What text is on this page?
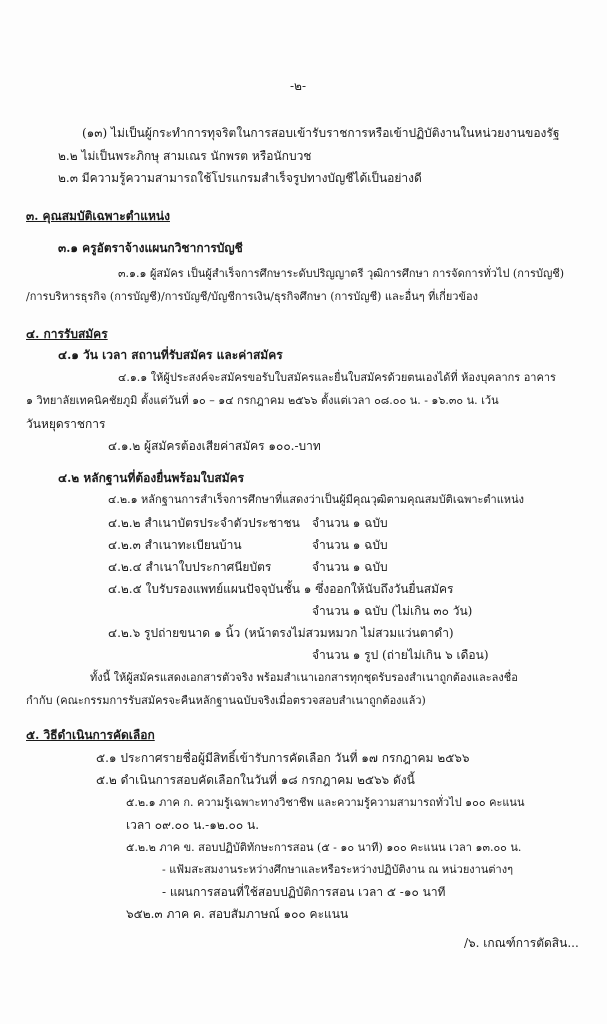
-๒-
(๑๓) ไม่เป็นผู้กระทำการทุจริตในการสอบเข้ารับราชการหรือเข้าปฏิบัติงานในหน่วยงานของรัฐ
๒.๒ ไม่เป็นพระภิกษุ สามเณร นักพรต หรือนักบวช
๒.๓ มีความรู้ความสามารถใช้โปรแกรมสำเร็จรูปทางบัญชีได้เป็นอย่างดี
๓. คุณสมบัติเฉพาะตำแหน่ง
๓.๑ ครูอัตราจ้างแผนกวิชาการบัญชี
๓.๑.๑ ผู้สมัคร เป็นผู้สำเร็จการศึกษาระดับปริญญาตรี วุฒิการศึกษา การจัดการทั่วไป (การบัญชี)
/การบริหารธุรกิจ (การบัญชี)/การบัญชี/บัญชีการเงิน/ธุรกิจศึกษา (การบัญชี) และอื่นๆ ที่เกี่ยวข้อง
๔. การรับสมัคร
๔.๑ วัน เวลา สถานที่รับสมัคร และค่าสมัคร
๔.๑.๑ ให้ผู้ประสงค์จะสมัครขอรับใบสมัครและยื่นใบสมัครด้วยตนเองได้ที่ ห้องบุคลากร อาคาร
๑ วิทยาลัยเทคนิคชัยภูมิ ตั้งแต่วันที่ ๑๐ – ๑๔ กรกฎาคม ๒๕๖๖ ตั้งแต่เวลา ๐๘.๐๐ น. - ๑๖.๓๐ น. เว้น
วันหยุดราชการ
๔.๑.๒ ผู้สมัครต้องเสียค่าสมัคร ๑๐๐.-บาท
๔.๒ หลักฐานที่ต้องยื่นพร้อมใบสมัคร
๔.๒.๑ หลักฐานการสำเร็จการศึกษาที่แสดงว่าเป็นผู้มีคุณวุฒิตามคุณสมบัติเฉพาะตำแหน่ง
๔.๒.๒ สำเนาบัตรประจำตัวประชาชน จำนวน ๑ ฉบับ
๔.๒.๓ สำเนาทะเบียนบ้าน	จำนวน ๑ ฉบับ
๔.๒.๔ สำเนาใบประกาศนียบัตร	จำนวน ๑ ฉบับ
๔.๒.๕ ใบรับรองแพทย์แผนปัจจุบันชั้น ๑ ซึ่งออกให้นับถึงวันยื่นสมัคร
จำนวน ๑ ฉบับ (ไม่เกิน ๓๐ วัน)
๔.๒.๖ รูปถ่ายขนาด ๑ นิ้ว (หน้าตรงไม่สวมหมวก ไม่สวมแว่นตาดำ)
จำนวน ๑ รูป (ถ่ายไม่เกิน ๖ เดือน)
ทั้งนี้ ให้ผู้สมัครแสดงเอกสารตัวจริง พร้อมสำเนาเอกสารทุกชุดรับรองสำเนาถูกต้องและลงชื่อ
กำกับ (คณะกรรมการรับสมัครจะคืนหลักฐานฉบับจริงเมื่อตรวจสอบสำเนาถูกต้องแล้ว)
๕. วิธีดำเนินการคัดเลือก
๕.๑ ประกาศรายชื่อผู้มีสิทธิ์เข้ารับการคัดเลือก วันที่ ๑๗ กรกฎาคม ๒๕๖๖
๕.๒ ดำเนินการสอบคัดเลือกในวันที่ ๑๘ กรกฎาคม ๒๕๖๖ ดังนี้
๕.๒.๑ ภาค ก. ความรู้เฉพาะทางวิชาชีพ และความรู้ความสามารถทั่วไป ๑๐๐ คะแนน
เวลา ๐๙.๐๐ น.-๑๒.๐๐ น.
๕.๒.๒ ภาค ข. สอบปฏิบัติทักษะการสอน (๕ - ๑๐ นาที) ๑๐๐ คะแนน เวลา ๑๓.๐๐ น.
- แฟ้มสะสมงานระหว่างศึกษาและหรือระหว่างปฏิบัติงาน ณ หน่วยงานต่างๆ
- แผนการสอนที่ใช้สอบปฏิบัติการสอน เวลา ๕ -๑๐ นาที
๖๕๒.๓ ภาค ค. สอบสัมภาษณ์ ๑๐๐ คะแนน
/๖. เกณฑ์การตัดสิน...
